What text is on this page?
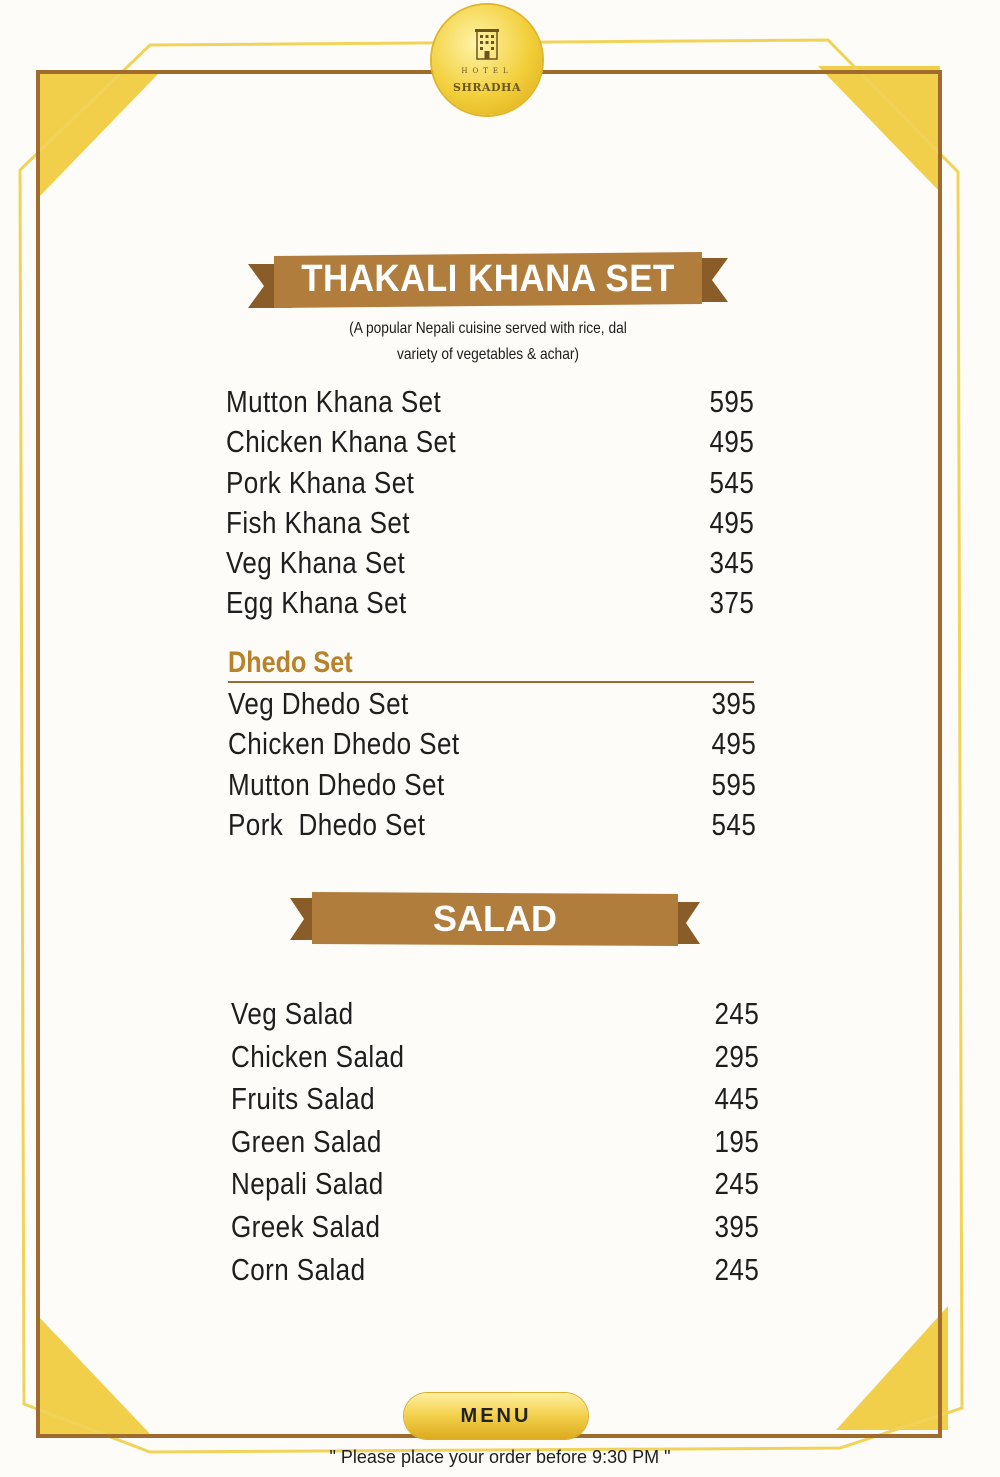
HOTEL
SHRADHA
THAKALI KHANA SET
(A popular Nepali cuisine served with rice, dal
variety of vegetables & achar)
Mutton Khana Set	595
Chicken Khana Set	495
Pork Khana Set	545
Fish Khana Set	495
Veg Khana Set	345
Egg Khana Set	375
Dhedo Set
Veg Dhedo Set	395
Chicken Dhedo Set	495
Mutton Dhedo Set	595
Pork  Dhedo Set	545
SALAD
Veg Salad	245
Chicken Salad	295
Fruits Salad	445
Green Salad	195
Nepali Salad	245
Greek Salad	395
Corn Salad	245
MENU
" Please place your order before 9:30 PM "
